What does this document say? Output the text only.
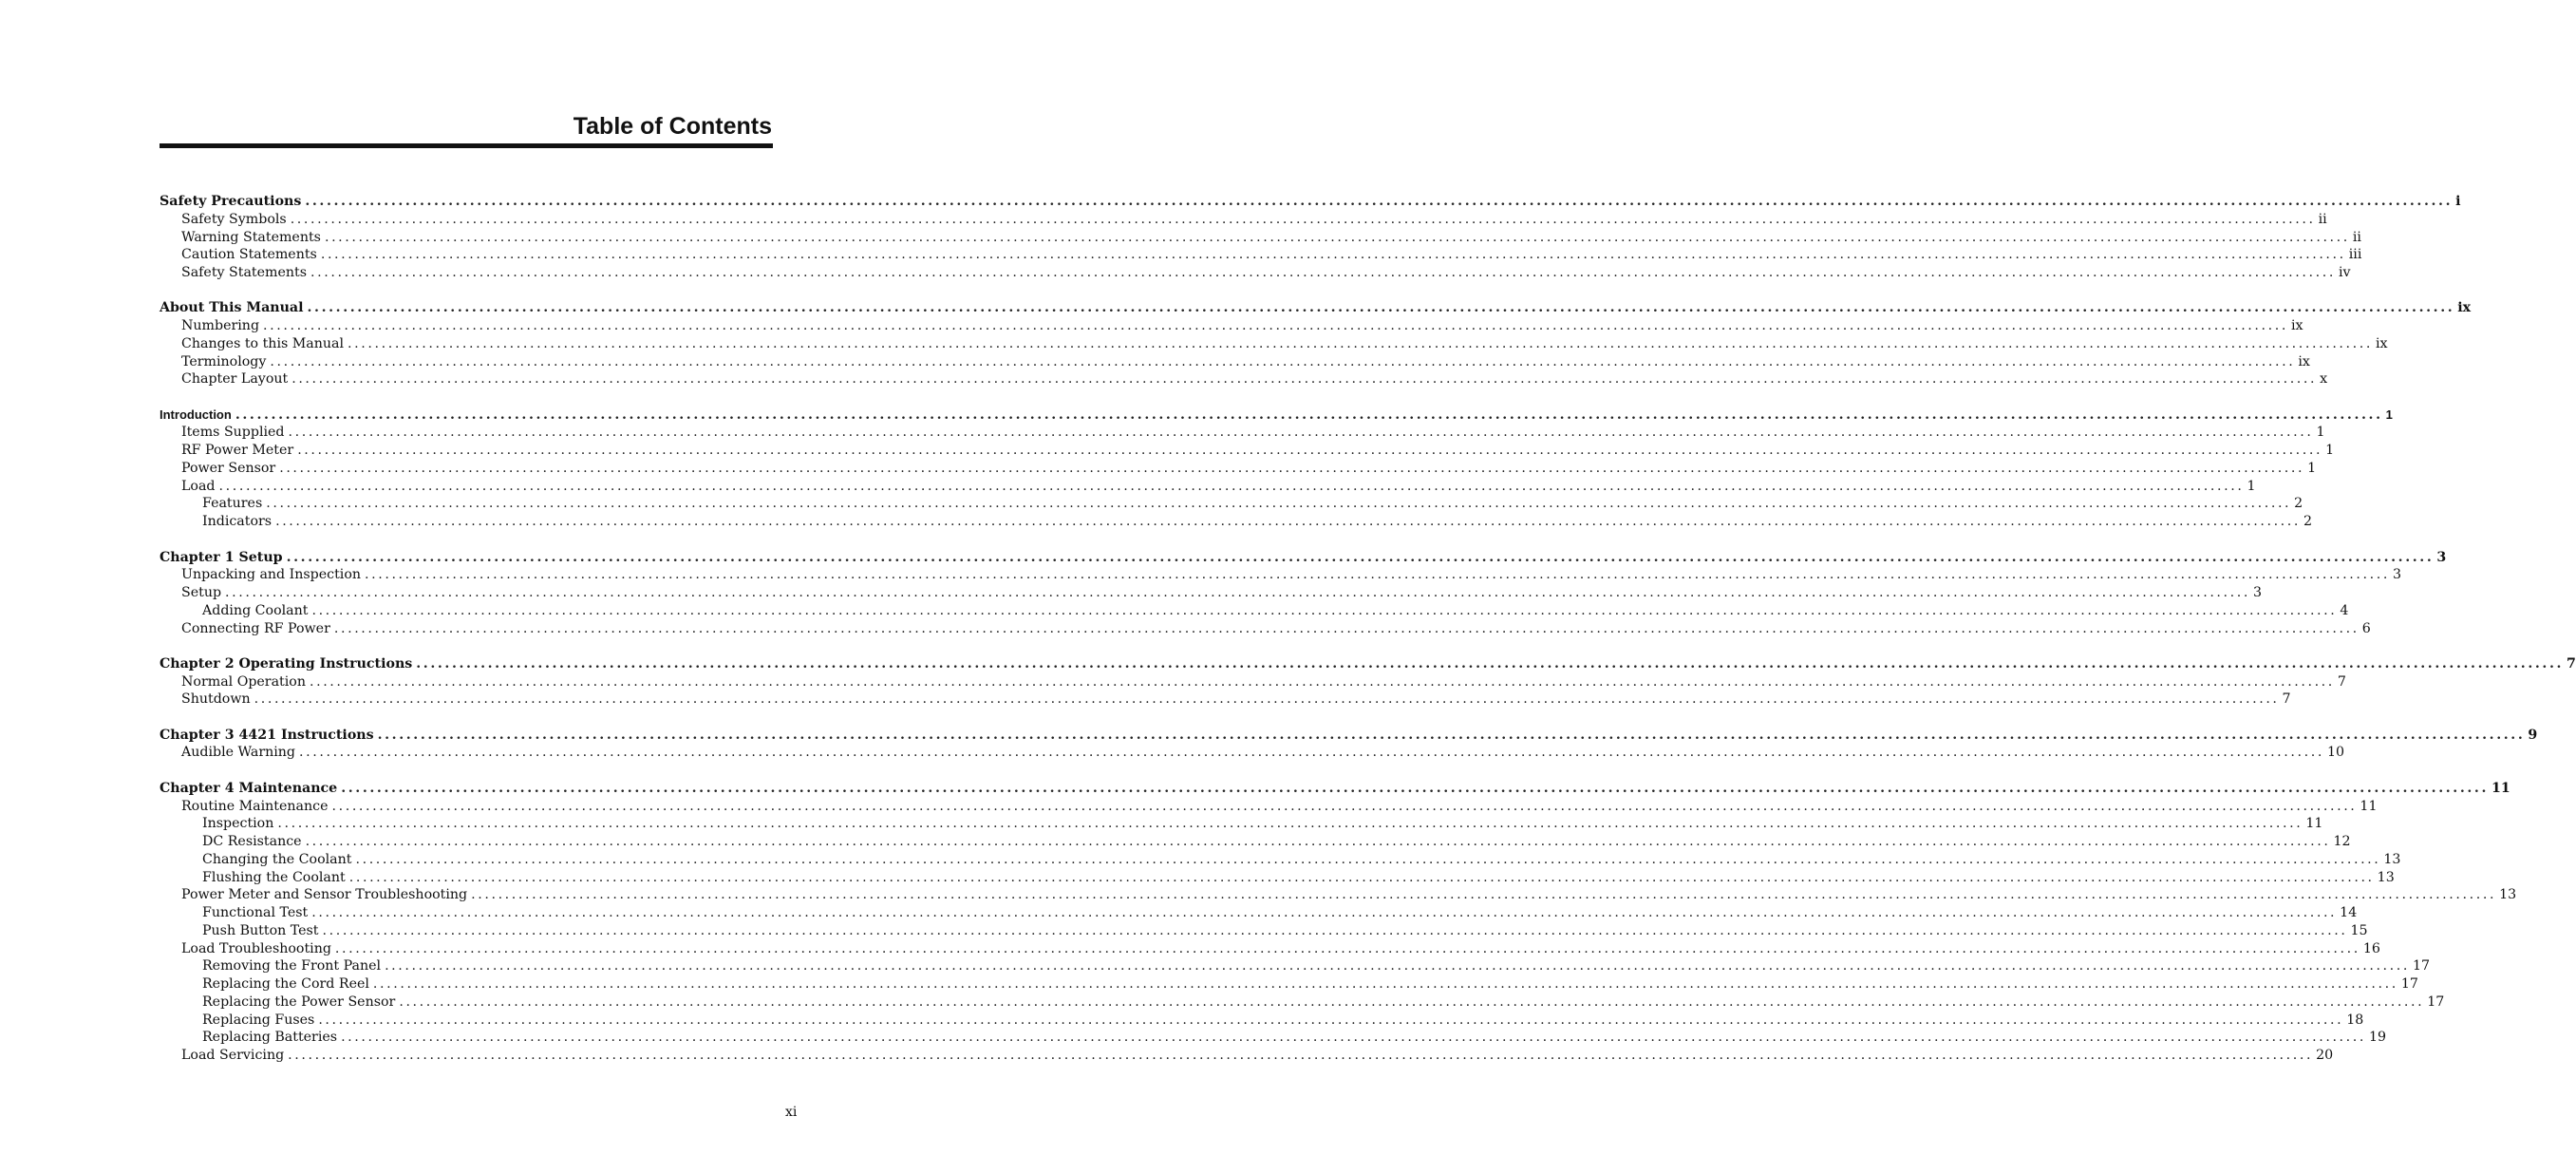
Table of Contents
Safety Precautions ............................................................................................................................................................................................................................................................................................................ i
Safety Symbols ............................................................................................................................................................................................................................................................................................................ ii
Warning Statements ............................................................................................................................................................................................................................................................................................................ ii
Caution Statements ............................................................................................................................................................................................................................................................................................................ iii
Safety Statements ............................................................................................................................................................................................................................................................................................................ iv
About This Manual ............................................................................................................................................................................................................................................................................................................ ix
Numbering ............................................................................................................................................................................................................................................................................................................ ix
Changes to this Manual ............................................................................................................................................................................................................................................................................................................ ix
Terminology ............................................................................................................................................................................................................................................................................................................ ix
Chapter Layout ............................................................................................................................................................................................................................................................................................................ x
Introduction ............................................................................................................................................................................................................................................................................................................ 1
Items Supplied ............................................................................................................................................................................................................................................................................................................ 1
RF Power Meter ............................................................................................................................................................................................................................................................................................................ 1
Power Sensor ............................................................................................................................................................................................................................................................................................................ 1
Load ............................................................................................................................................................................................................................................................................................................ 1
Features ............................................................................................................................................................................................................................................................................................................ 2
Indicators ............................................................................................................................................................................................................................................................................................................ 2
Chapter 1 Setup ............................................................................................................................................................................................................................................................................................................ 3
Unpacking and Inspection ............................................................................................................................................................................................................................................................................................................ 3
Setup ............................................................................................................................................................................................................................................................................................................ 3
Adding Coolant ............................................................................................................................................................................................................................................................................................................ 4
Connecting RF Power ............................................................................................................................................................................................................................................................................................................ 6
Chapter 2 Operating Instructions ............................................................................................................................................................................................................................................................................................................ 7
Normal Operation ............................................................................................................................................................................................................................................................................................................ 7
Shutdown ............................................................................................................................................................................................................................................................................................................ 7
Chapter 3 4421 Instructions ............................................................................................................................................................................................................................................................................................................ 9
Audible Warning ............................................................................................................................................................................................................................................................................................................ 10
Chapter 4 Maintenance ............................................................................................................................................................................................................................................................................................................ 11
Routine Maintenance ............................................................................................................................................................................................................................................................................................................ 11
Inspection ............................................................................................................................................................................................................................................................................................................ 11
DC Resistance ............................................................................................................................................................................................................................................................................................................ 12
Changing the Coolant ............................................................................................................................................................................................................................................................................................................ 13
Flushing the Coolant ............................................................................................................................................................................................................................................................................................................ 13
Power Meter and Sensor Troubleshooting ............................................................................................................................................................................................................................................................................................................ 13
Functional Test ............................................................................................................................................................................................................................................................................................................ 14
Push Button Test ............................................................................................................................................................................................................................................................................................................ 15
Load Troubleshooting ............................................................................................................................................................................................................................................................................................................ 16
Removing the Front Panel ............................................................................................................................................................................................................................................................................................................ 17
Replacing the Cord Reel ............................................................................................................................................................................................................................................................................................................ 17
Replacing the Power Sensor ............................................................................................................................................................................................................................................................................................................ 17
Replacing Fuses ............................................................................................................................................................................................................................................................................................................ 18
Replacing Batteries ............................................................................................................................................................................................................................................................................................................ 19
Load Servicing ............................................................................................................................................................................................................................................................................................................ 20
xi
